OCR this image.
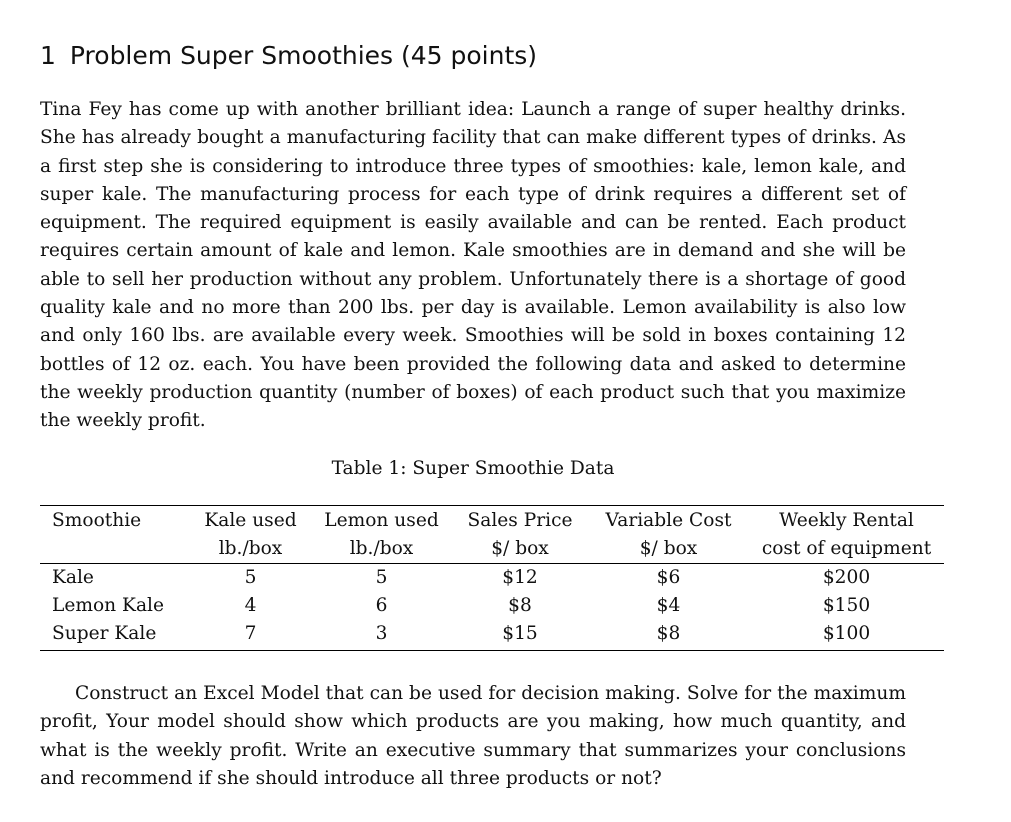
1 Problem Super Smoothies (45 points)

Tina Fey has come up with another brilliant idea: Launch a range of super healthy drinks. She has already bought a manufacturing facility that can make different types of drinks. As a first step she is considering to introduce three types of smoothies: kale, lemon kale, and super kale. The manufacturing process for each type of drink requires a different set of equipment. The required equipment is easily available and can be rented. Each product requires certain amount of kale and lemon. Kale smoothies are in demand and she will be able to sell her production without any problem. Unfortunately there is a shortage of good quality kale and no more than 200 lbs. per day is available. Lemon availability is also low and only 160 lbs. are available every week. Smoothies will be sold in boxes containing 12 bottles of 12 oz. each. You have been provided the following data and asked to determine the weekly production quantity (number of boxes) of each product such that you maximize the weekly profit.

Table 1: Super Smoothie Data
Smoothie	Kale used	Lemon used	Sales Price	Variable Cost	Weekly Rental
	lb./box	lb./box	$/ box	$/ box	cost of equipment
Kale	5	5	$12	$6	$200
Lemon Kale	4	6	$8	$4	$150
Super Kale	7	3	$15	$8	$100

Construct an Excel Model that can be used for decision making. Solve for the maximum profit, Your model should show which products are you making, how much quantity, and what is the weekly profit. Write an executive summary that summarizes your conclusions and recommend if she should introduce all three products or not?
